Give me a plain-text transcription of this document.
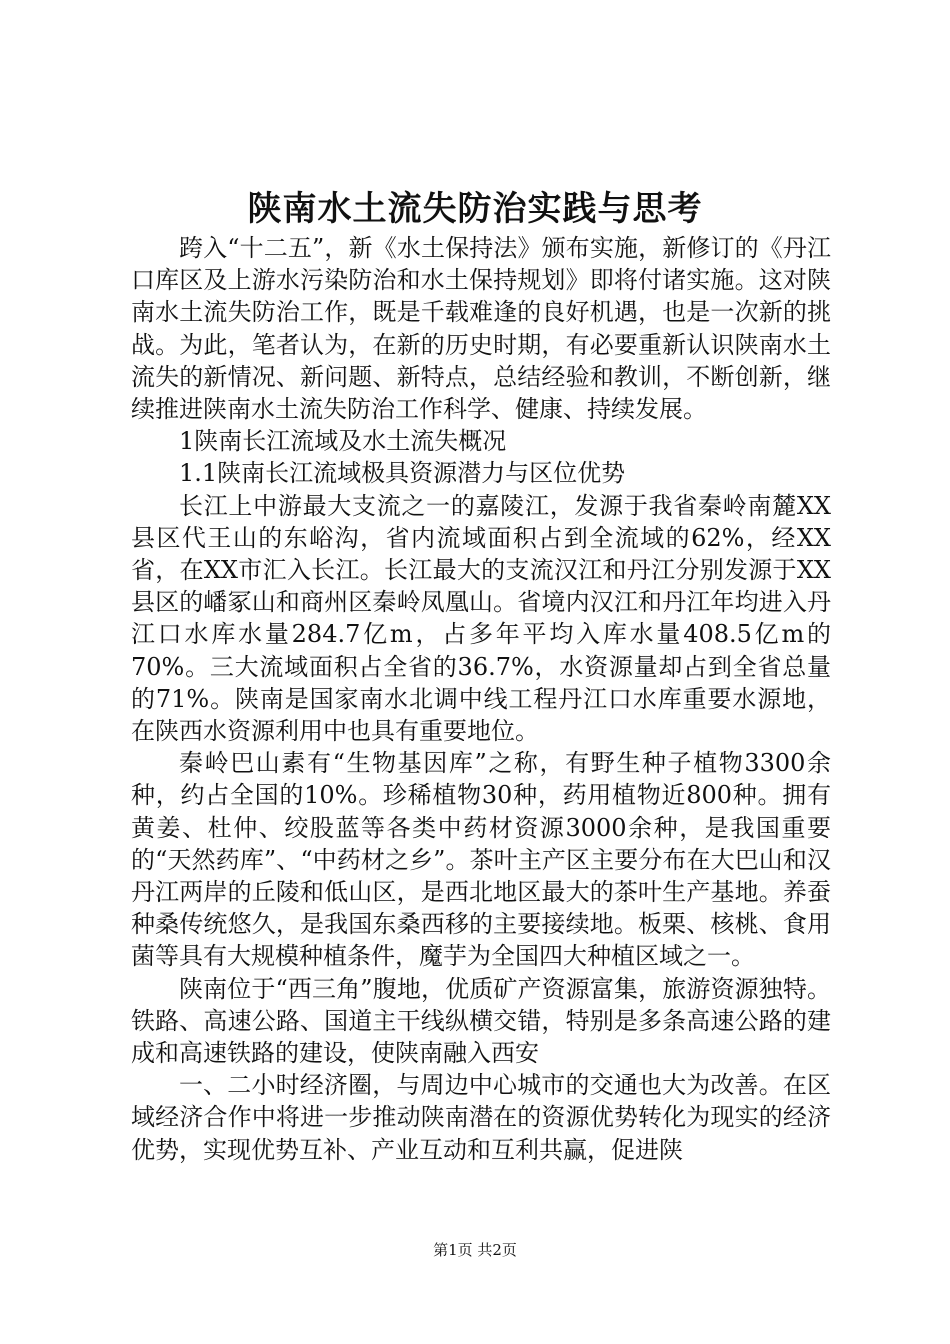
陕南水土流失防治实践与思考

跨入“十二五”，新《水土保持法》颁布实施，新修订的《丹江口库区及上游水污染防治和水土保持规划》即将付诸实施。这对陕南水土流失防治工作，既是千载难逢的良好机遇，也是一次新的挑战。为此，笔者认为，在新的历史时期，有必要重新认识陕南水土流失的新情况、新问题、新特点，总结经验和教训，不断创新，继续推进陕南水土流失防治工作科学、健康、持续发展。

1陕南长江流域及水土流失概况

1.1陕南长江流域极具资源潜力与区位优势

长江上中游最大支流之一的嘉陵江，发源于我省秦岭南麓XX县区代王山的东峪沟，省内流域面积占到全流域的62%，经XX省，在XX市汇入长江。长江最大的支流汉江和丹江分别发源于XX县区的嶓冢山和商州区秦岭凤凰山。省境内汉江和丹江年均进入丹江口水库水量284.7亿m，占多年平均入库水量408.5亿m的70%。三大流域面积占全省的36.7%，水资源量却占到全省总量的71%。陕南是国家南水北调中线工程丹江口水库重要水源地，在陕西水资源利用中也具有重要地位。

秦岭巴山素有“生物基因库”之称，有野生种子植物3300余种，约占全国的10%。珍稀植物30种，药用植物近800种。拥有黄姜、杜仲、绞股蓝等各类中药材资源3000余种，是我国重要的“天然药库”、“中药材之乡”。茶叶主产区主要分布在大巴山和汉丹江两岸的丘陵和低山区，是西北地区最大的茶叶生产基地。养蚕种桑传统悠久，是我国东桑西移的主要接续地。板栗、核桃、食用菌等具有大规模种植条件，魔芋为全国四大种植区域之一。

陕南位于“西三角”腹地，优质矿产资源富集，旅游资源独特。铁路、高速公路、国道主干线纵横交错，特别是多条高速公路的建成和高速铁路的建设，使陕南融入西安

一、二小时经济圈，与周边中心城市的交通也大为改善。在区域经济合作中将进一步推动陕南潜在的资源优势转化为现实的经济优势，实现优势互补、产业互动和互利共赢，促进陕

第1页 共2页
